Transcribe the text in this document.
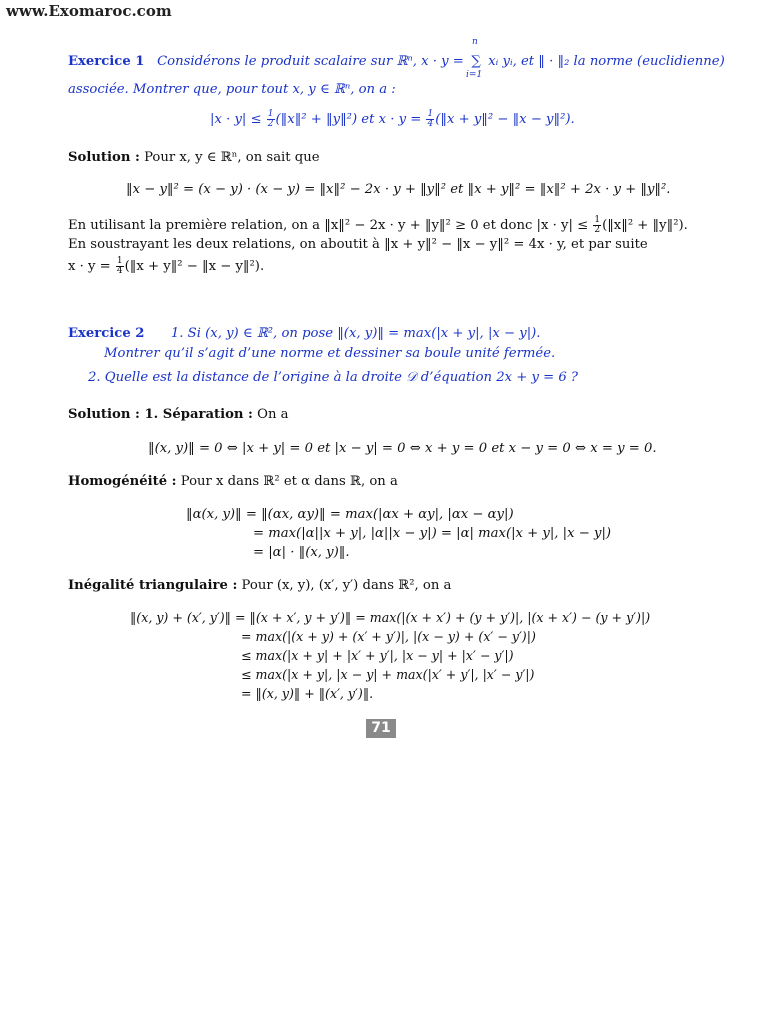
www.Exomaroc.com
Exercice 1 Considérons le produit scalaire sur ℝⁿ, x · y =
n
∑
i=1
xᵢ yᵢ, et ‖ · ‖₂ la norme (euclidienne)
associée. Montrer que, pour tout x, y ∈ ℝⁿ, on a :
$|x \cdot y| \le \frac{1}{2}$ (‖x‖² + ‖y‖²) et $x \cdot y = \frac{1}{4}$ (‖x + y‖² − ‖x − y‖²).
Solution : Pour x, y ∈ ℝⁿ, on sait que
‖x − y‖² = (x − y) · (x − y) = ‖x‖² − 2x · y + ‖y‖² et ‖x + y‖² = ‖x‖² + 2x · y + ‖y‖².
En utilisant la première relation, on a ‖x‖² − 2x · y + ‖y‖² ≥ 0 et donc $|x \cdot y| \le \frac{1}{2}$ (‖x‖² + ‖y‖²).
En soustrayant les deux relations, on aboutit à ‖x + y‖² − ‖x − y‖² = 4x · y, et par suite
$x \cdot y = \frac{1}{4}$ (‖x + y‖² − ‖x − y‖²).
Exercice 2 1. Si (x, y) ∈ ℝ², on pose ‖(x, y)‖ = max(|x + y|, |x − y|).
Montrer qu’il s’agit d’une norme et dessiner sa boule unité fermée.
2. Quelle est la distance de l’origine à la droite 𝒟 d’équation 2x + y = 6 ?
Solution : 1. Séparation : On a
‖(x, y)‖ = 0 ⇔ |x + y| = 0 et |x − y| = 0 ⇔ x + y = 0 et x − y = 0 ⇔ x = y = 0.
Homogénéité : Pour x dans ℝ² et α dans ℝ, on a
‖α(x, y)‖ = ‖(αx, αy)‖ = max(|αx + αy|, |αx − αy|)
= max(|α||x + y|, |α||x − y|) = |α| max(|x + y|, |x − y|)
= |α| · ‖(x, y)‖.
Inégalité triangulaire : Pour (x, y), (x′, y′) dans ℝ², on a
‖(x, y) + (x′, y′)‖ = ‖(x + x′, y + y′)‖ = max(|(x + x′) + (y + y′)|, |(x + x′) − (y + y′)|)
= max(|(x + y) + (x′ + y′)|, |(x − y) + (x′ − y′)|)
≤ max(|x + y| + |x′ + y′|, |x − y| + |x′ − y′|)
≤ max(|x + y|, |x − y| + max(|x′ + y′|, |x′ − y′|)
= ‖(x, y)‖ + ‖(x′, y′)‖.
71
